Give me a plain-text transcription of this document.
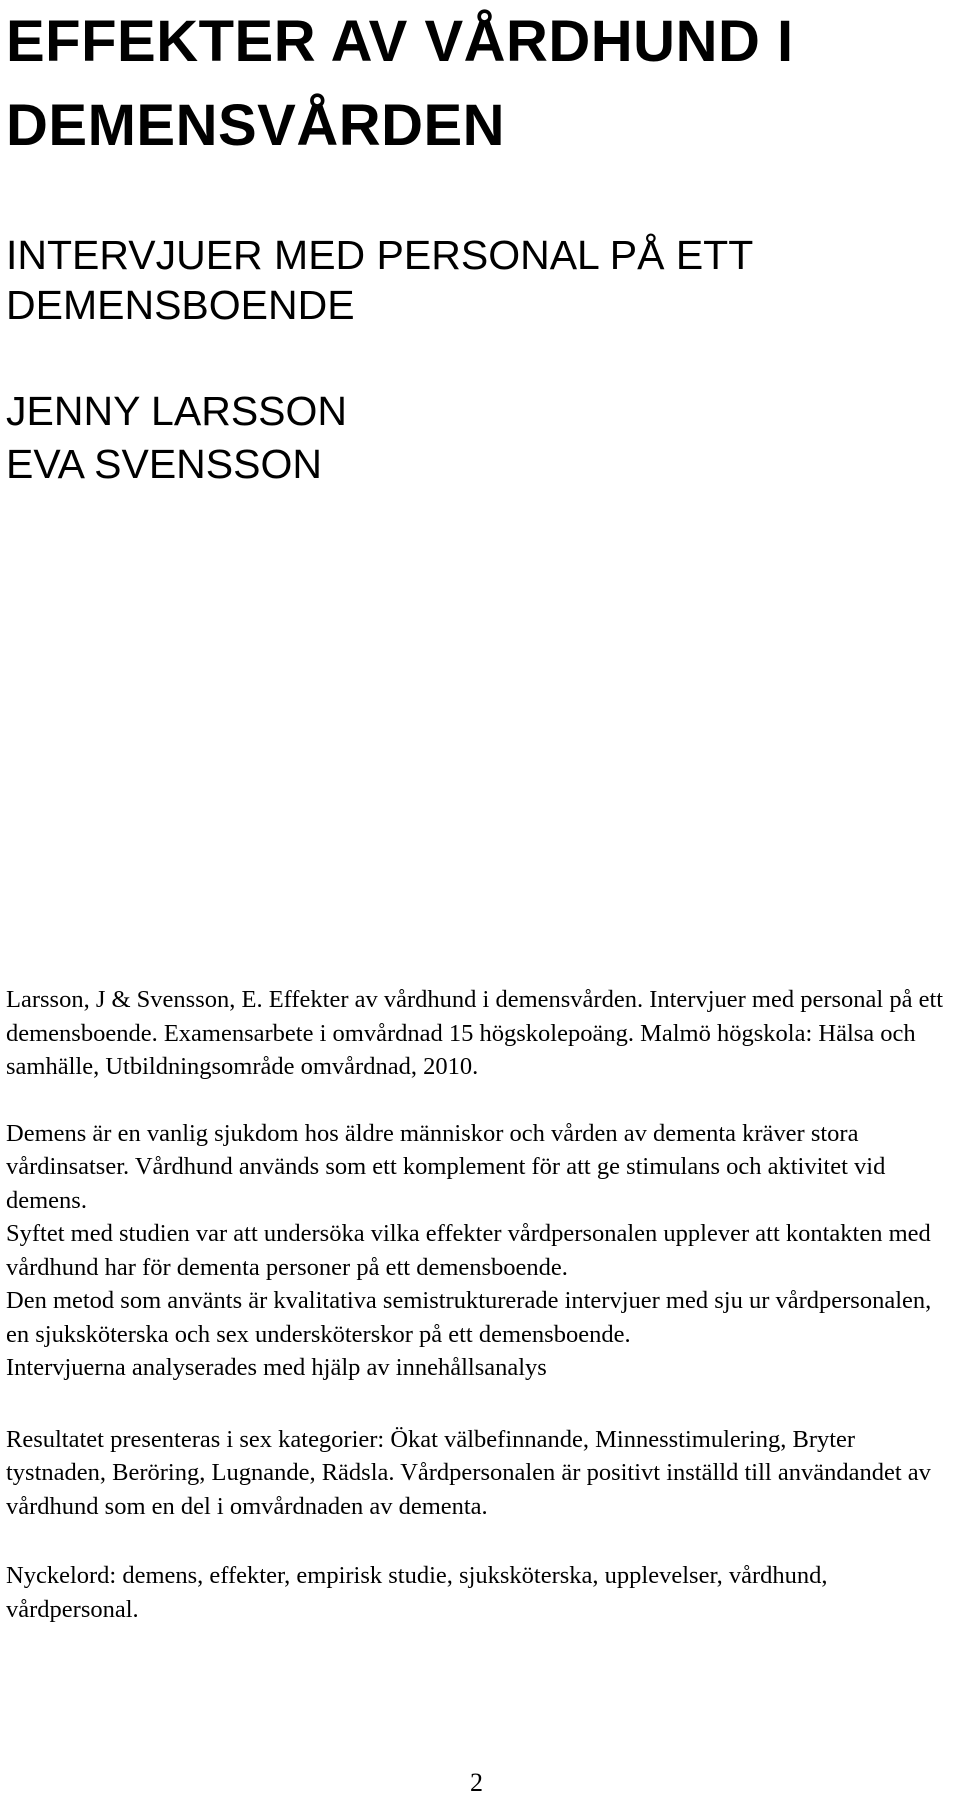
EFFEKTER AV VÅRDHUND I DEMENSVÅRDEN
INTERVJUER MED PERSONAL PÅ ETT DEMENSBOENDE
JENNY LARSSON
EVA SVENSSON

Larsson, J & Svensson, E. Effekter av vårdhund i demensvården. Intervjuer med personal på ett demensboende. Examensarbete i omvårdnad 15 högskolepoäng. Malmö högskola: Hälsa och samhälle, Utbildningsområde omvårdnad, 2010.

Demens är en vanlig sjukdom hos äldre människor och vården av dementa kräver stora vårdinsatser. Vårdhund används som ett komplement för att ge stimulans och aktivitet vid demens.

Syftet med studien var att undersöka vilka effekter vårdpersonalen upplever att kontakten med vårdhund har för dementa personer på ett demensboende.

Den metod som använts är kvalitativa semistrukturerade intervjuer med sju ur vårdpersonalen, en sjuksköterska och sex undersköterskor på ett demensboende.

Intervjuerna analyserades med hjälp av innehållsanalys

Resultatet presenteras i sex kategorier: Ökat välbefinnande, Minnesstimulering, Bryter tystnaden, Beröring, Lugnande, Rädsla. Vårdpersonalen är positivt inställd till användandet av vårdhund som en del i omvårdnaden av dementa.

Nyckelord: demens, effekter, empirisk studie, sjuksköterska, upplevelser, vårdhund, vårdpersonal.

2
